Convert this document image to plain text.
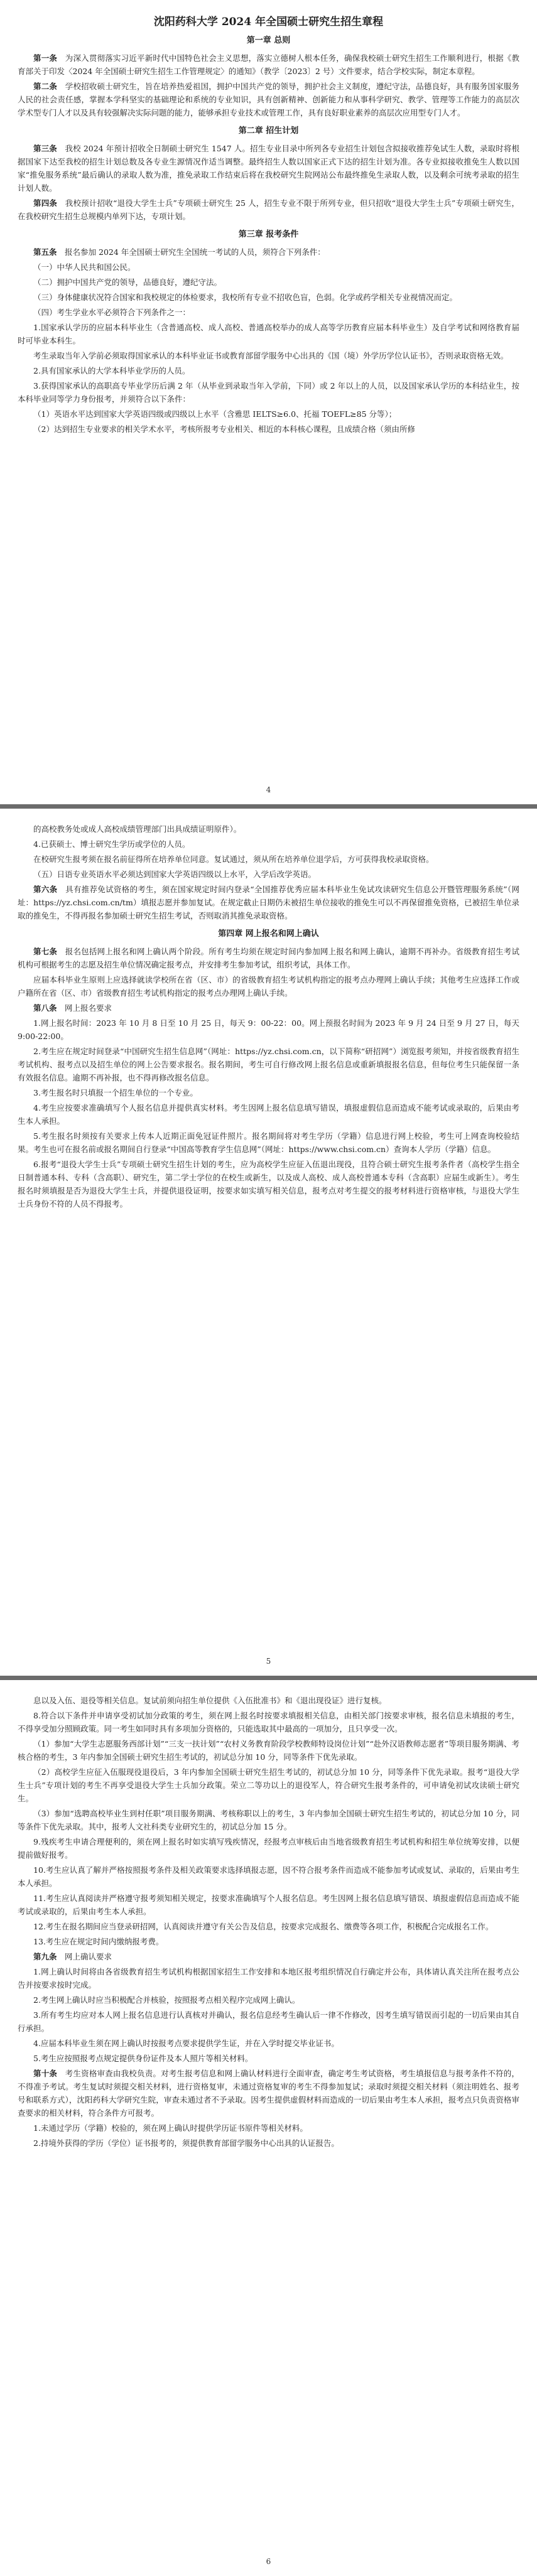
沈阳药科大学 2024 年全国硕士研究生招生章程
第一章 总则

第一条　 为深入贯彻落实习近平新时代中国特色社会主义思想，落实立德树人根本任务，确保我校硕士研究生招生工作顺利进行，根据《教育部关于印发〈2024 年全国硕士研究生招生工作管理规定〉的通知》（教学〔2023〕2 号）文件要求，结合学校实际，制定本章程。

第二条　 学校招收硕士研究生，旨在培养热爱祖国，拥护中国共产党的领导，拥护社会主义制度，遵纪守法，品德良好，具有服务国家服务人民的社会责任感，掌握本学科坚实的基础理论和系统的专业知识，具有创新精神、创新能力和从事科学研究、教学、管理等工作能力的高层次学术型专门人才以及具有较强解决实际问题的能力，能够承担专业技术或管理工作，具有良好职业素养的高层次应用型专门人才。

第二章 招生计划

第三条　 我校 2024 年预计招收全日制硕士研究生 1547 人。招生专业目录中所列各专业招生计划包含拟接收推荐免试生人数，录取时将根据国家下达至我校的招生计划总数及各专业生源情况作适当调整。最终招生人数以国家正式下达的招生计划为准。各专业拟接收推免生人数以国家“推免服务系统”最后确认的录取人数为准，推免录取工作结束后将在我校研究生院网站公布最终推免生录取人数，以及剩余可统考录取的招生计划人数。

第四条　 我校预计招收“退役大学生士兵”专项硕士研究生 25 人，招生专业不限于所列专业，但只招收“退役大学生士兵”专项硕士研究生，在我校研究生招生总规模内单列下达，专项计划。

第三章 报考条件

第五条　 报名参加 2024 年全国硕士研究生全国统一考试的人员，须符合下列条件：

（一）中华人民共和国公民。

（二）拥护中国共产党的领导，品德良好，遵纪守法。

（三）身体健康状况符合国家和我校规定的体检要求，我校所有专业不招收色盲，色弱。化学或药学相关专业视情况而定。

（四）考生学业水平必须符合下列条件之一：

1.国家承认学历的应届本科毕业生（含普通高校、成人高校、普通高校举办的成人高等学历教育应届本科毕业生）及自学考试和网络教育届时可毕业本科生。

考生录取当年入学前必须取得国家承认的本科毕业证书或教育部留学服务中心出具的《国（境）外学历学位认证书》，否则录取资格无效。

2.具有国家承认的大学本科毕业学历的人员。

3.获得国家承认的高职高专毕业学历后满 2 年（从毕业到录取当年入学前，下同）或 2 年以上的人员，以及国家承认学历的本科结业生，按本科毕业同等学力身份报考，并须符合以下条件：

（1）英语水平达到国家大学英语四级或四级以上水平（含雅思 IELTS≥6.0、托福 TOEFL≥85 分等）；

（2）达到招生专业要求的相关学术水平，考核所报考专业相关、相近的本科核心课程，且成绩合格（须由所修

4

的高校教务处或成人高校成绩管理部门出具成绩证明原件）。

4.已获硕士、博士研究生学历或学位的人员。

在校研究生报考须在报名前征得所在培养单位同意。复试通过，须从所在培养单位退学后，方可获得我校录取资格。

（五）日语专业英语水平必须达到国家大学英语四级以上水平，入学后改学英语。

第六条　 具有推荐免试资格的考生，须在国家规定时间内登录“全国推荐优秀应届本科毕业生免试攻读研究生信息公开暨管理服务系统”（网址：https://yz.chsi.com.cn/tm）填报志愿并参加复试。在规定截止日期仍未被招生单位接收的推免生可以不再保留推免资格，已被招生单位录取的推免生，不得再报名参加硕士研究生招生考试，否则取消其推免录取资格。

第四章 网上报名和网上确认

第七条　 报名包括网上报名和网上确认两个阶段。所有考生均须在规定时间内参加网上报名和网上确认，逾期不再补办。省级教育招生考试机构可根据考生的志愿及招生单位情况确定报考点，并安排考生参加考试，组织考试，具体工作。

应届本科毕业生原则上应选择就读学校所在省（区、市）的省级教育招生考试机构指定的报考点办理网上确认手续；其他考生应选择工作或户籍所在省（区、市）省级教育招生考试机构指定的报考点办理网上确认手续。

第八条　 网上报名要求

1.网上报名时间：2023 年 10 月 8 日至 10 月 25 日，每天 9：00-22：00。网上预报名时间为 2023 年 9 月 24 日至 9 月 27 日，每天 9:00-22:00。

2.考生应在规定时间登录“中国研究生招生信息网”（网址：https://yz.chsi.com.cn，以下简称“研招网”）浏览报考须知，并按省级教育招生考试机构、报考点以及招生单位的网上公告要求报名。报名期间，考生可自行修改网上报名信息或重新填报报名信息，但每位考生只能保留一条有效报名信息。逾期不再补报，也不得再修改报名信息。

3.考生报名时只填报一个招生单位的一个专业。

4.考生应按要求准确填写个人报名信息并提供真实材料。考生因网上报名信息填写错误，填报虚假信息而造成不能考试或录取的，后果由考生本人承担。

5.考生报名时须按有关要求上传本人近期正面免冠证件照片。报名期间将对考生学历（学籍）信息进行网上校验，考生可上网查询校验结果。考生也可在报名前或报名期间自行登录“中国高等教育学生信息网”（网址：https://www.chsi.com.cn）查询本人学历（学籍）信息。

6.报考“退役大学生士兵”专项硕士研究生招生计划的考生，应为高校学生应征入伍退出现役，且符合硕士研究生报考条件者（高校学生指全日制普通本科、专科（含高职）、研究生，第二学士学位的在校生或新生，以及成人高校、成人高校普通本专科（含高职）应届生或新生）。考生报名时须填报是否为退役大学生士兵，并提供退役证明，按要求如实填写相关信息，报考点对考生提交的报考材料进行资格审核，与退役大学生士兵身份不符的人员不得报考。

5

息以及入伍、退役等相关信息。复试前须向招生单位提供《入伍批准书》和《退出现役证》进行复核。

8.符合以下条件并申请享受初试加分政策的考生，须在网上报名时按要求填报相关信息，由相关部门按要求审核，报名信息未填报的考生，不得享受加分照顾政策。同一考生如同时具有多项加分资格的，只能选取其中最高的一项加分，且只享受一次。

（1）参加“大学生志愿服务西部计划”“三支一扶计划”“农村义务教育阶段学校教师特设岗位计划”“赴外汉语教师志愿者”等项目服务期满、考核合格的考生，3 年内参加全国硕士研究生招生考试的，初试总分加 10 分，同等条件下优先录取。

（2）高校学生应征入伍服现役退役后，3 年内参加全国硕士研究生招生考试的，初试总分加 10 分，同等条件下优先录取。报考“退役大学生士兵”专项计划的考生不再享受退役大学生士兵加分政策。荣立二等功以上的退役军人，符合研究生报考条件的，可申请免初试攻读硕士研究生。

（3）参加“选聘高校毕业生到村任职”项目服务期满、考核称职以上的考生，3 年内参加全国硕士研究生招生考试的，初试总分加 10 分，同等条件下优先录取。其中，报考人文社科类专业研究生的，初试总分加 15 分。

9.残疾考生申请合理便利的，须在网上报名时如实填写残疾情况，经报考点审核后由当地省级教育招生考试机构和招生单位统筹安排，以便提前做好报考。

10.考生应认真了解并严格按照报考条件及相关政策要求选择填报志愿，因不符合报考条件而造成不能参加考试或复试、录取的，后果由考生本人承担。

11.考生应认真阅读并严格遵守报考须知相关规定，按要求准确填写个人报名信息。考生因网上报名信息填写错误、填报虚假信息而造成不能考试或录取的，后果由考生本人承担。

12.考生在报名期间应当登录研招网，认真阅读并遵守有关公告及信息，按要求完成报名、缴费等各项工作，积极配合完成报名工作。

13.考生应在规定时间内缴纳报考费。

第九条　 网上确认要求

1.网上确认时间将由各省级教育招生考试机构根据国家招生工作安排和本地区报考组织情况自行确定并公布，具体请认真关注所在报考点公告并按要求按时完成。

2.考生网上确认时应当积极配合并核验，按照报考点相关程序完成网上确认。

3.所有考生均应对本人网上报名信息进行认真核对并确认，报名信息经考生确认后一律不作修改，因考生填写错误而引起的一切后果由其自行承担。

4.应届本科毕业生须在网上确认时按报考点要求提供学生证，并在入学时提交毕业证书。

5.考生应按照报考点规定提供身份证件及本人照片等相关材料。

第十条　 考生资格审查由我校负责。对考生报考信息和网上确认材料进行全面审查，确定考生考试资格，考生填报信息与报考条件不符的，不得准予考试。考生复试时须提交相关材料，进行资格复审，未通过资格复审的考生不得参加复试；录取时须提交相关材料（须注明姓名、报考号和联系方式），沈阳药科大学研究生院，审查未通过者不予录取。因考生提供虚假材料而造成的一切后果由考生本人承担，报考点只负责资格审查要求的相关材料，符合条件方可报考。

1.未通过学历（学籍）校验的，须在网上确认时提供学历证书原件等相关材料。

2.持境外获得的学历（学位）证书报考的，须提供教育部留学服务中心出具的认证报告。

6
